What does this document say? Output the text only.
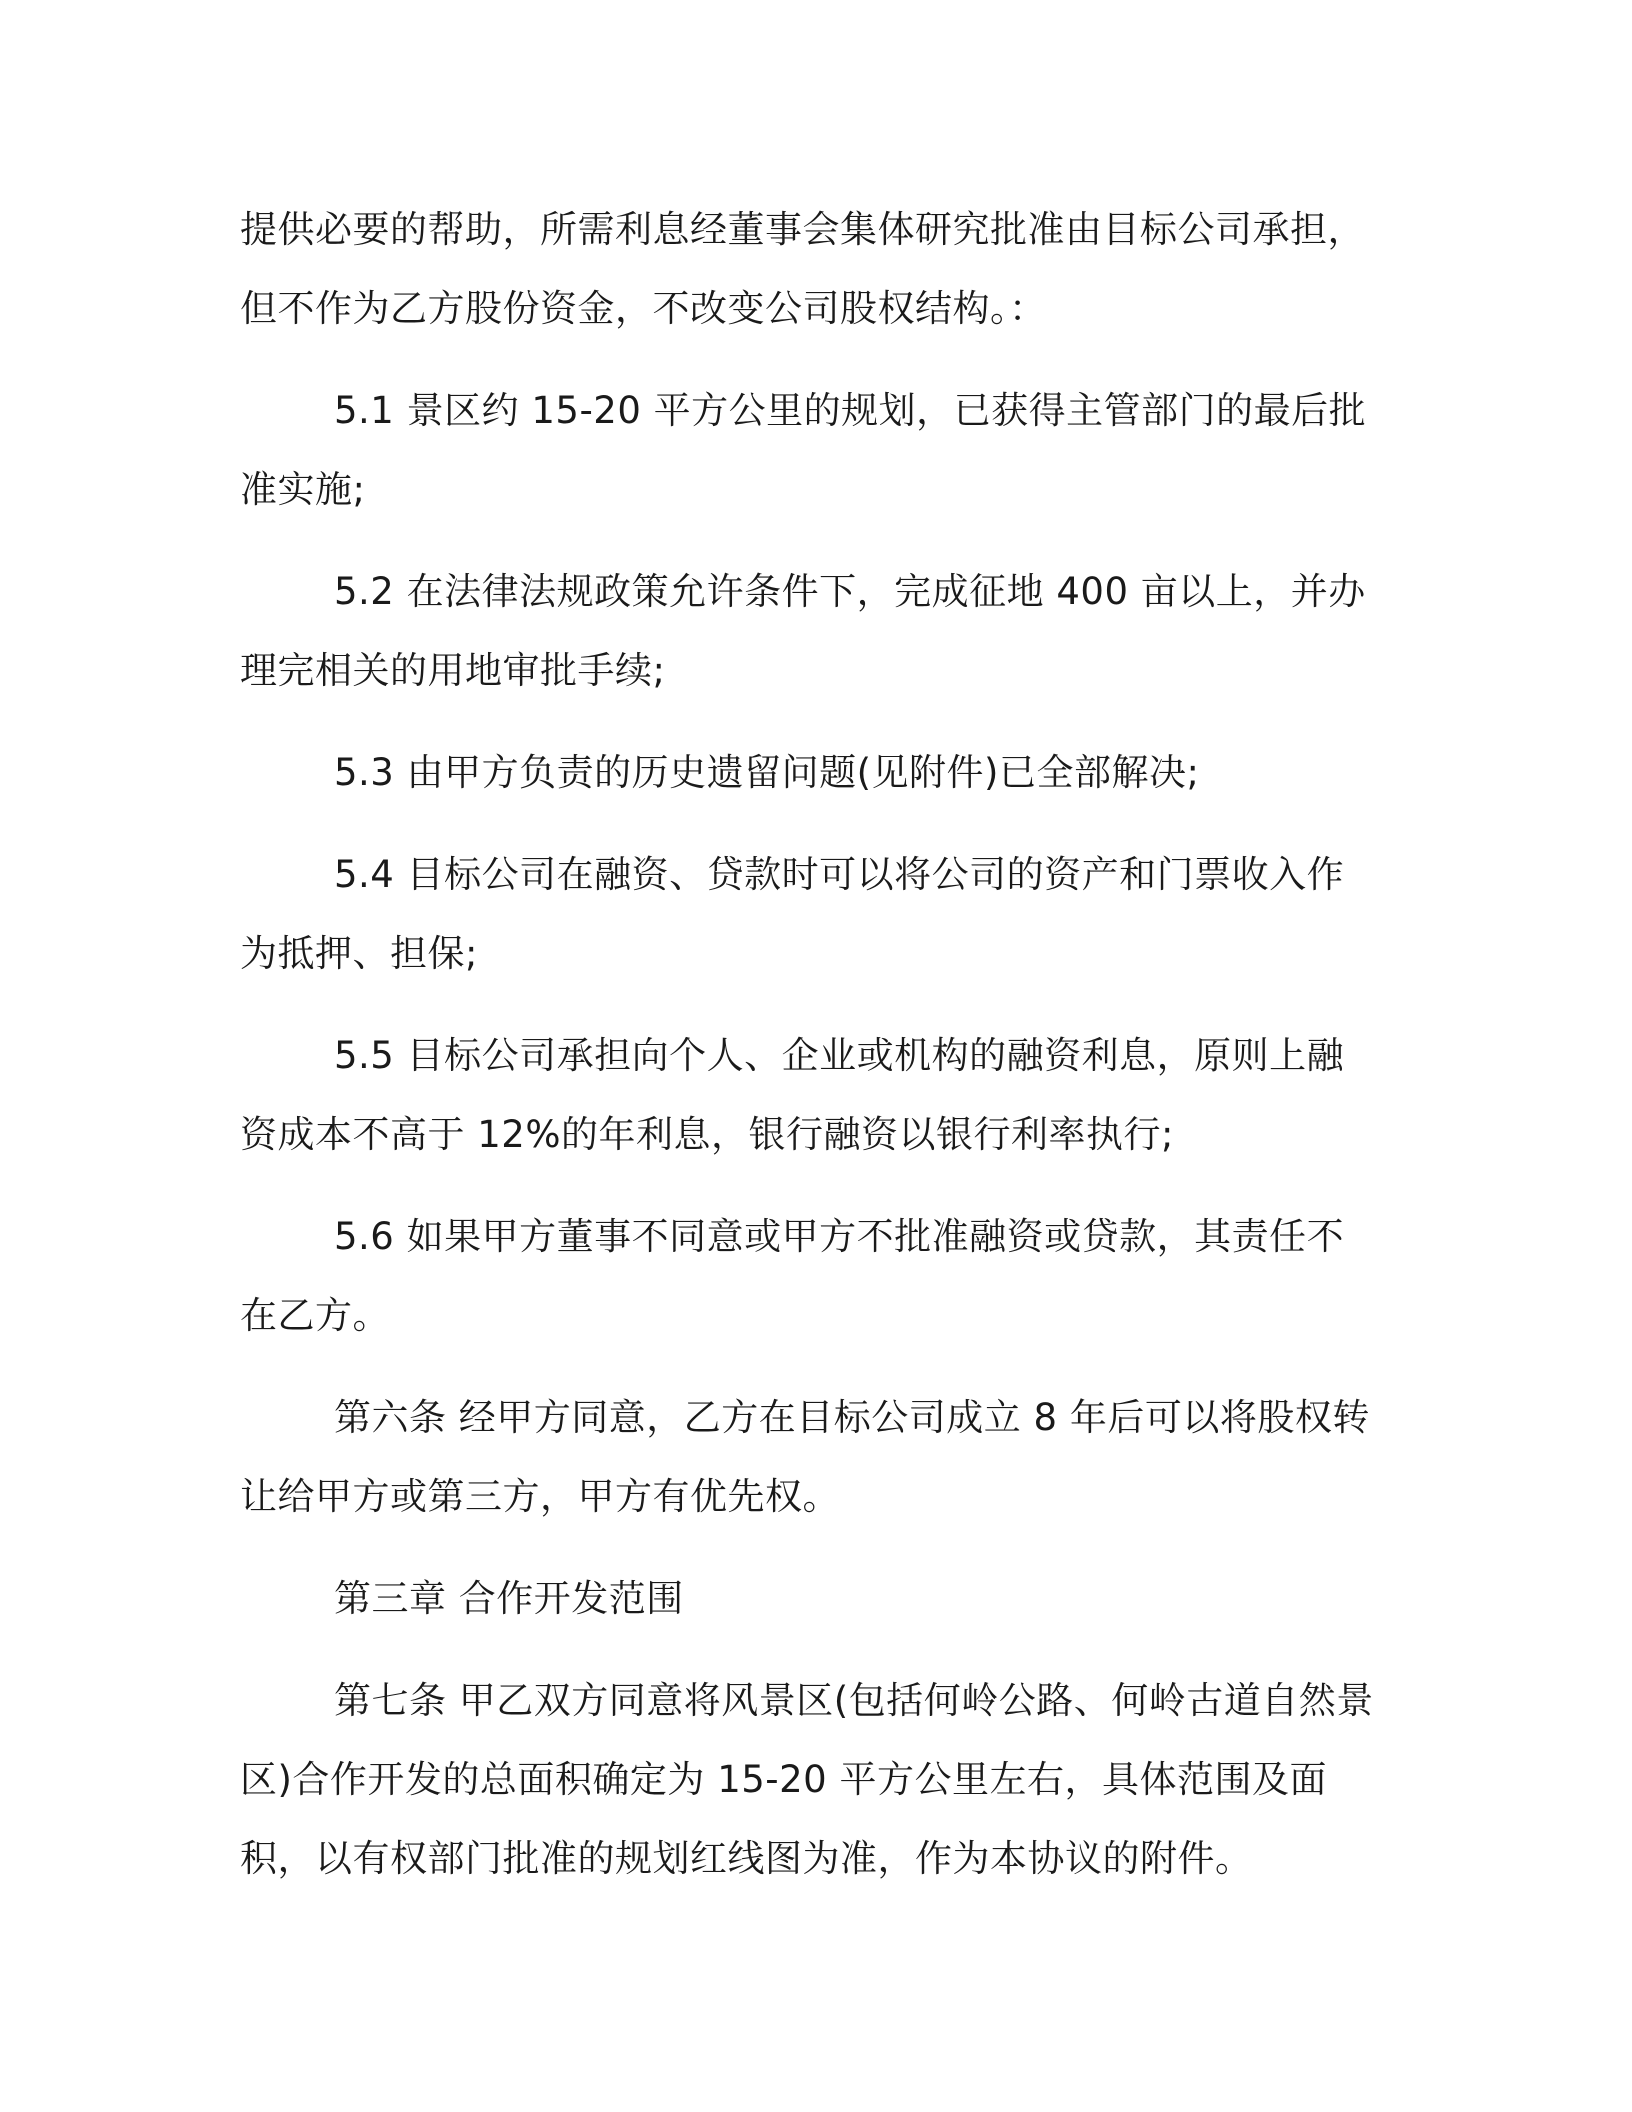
提供必要的帮助，所需利息经董事会集体研究批准由目标公司承担，但不作为乙方股份资金，不改变公司股权结构。：

5.1 景区约 15-20 平方公里的规划，已获得主管部门的最后批准实施;

5.2 在法律法规政策允许条件下，完成征地 400 亩以上，并办理完相关的用地审批手续;

5.3 由甲方负责的历史遗留问题(见附件)已全部解决;

5.4 目标公司在融资、贷款时可以将公司的资产和门票收入作为抵押、担保;

5.5 目标公司承担向个人、企业或机构的融资利息，原则上融资成本不高于 12%的年利息，银行融资以银行利率执行;

5.6 如果甲方董事不同意或甲方不批准融资或贷款，其责任不在乙方。

第六条 经甲方同意，乙方在目标公司成立 8 年后可以将股权转让给甲方或第三方，甲方有优先权。

第三章 合作开发范围

第七条 甲乙双方同意将风景区(包括何岭公路、何岭古道自然景区)合作开发的总面积确定为 15-20 平方公里左右，具体范围及面积，以有权部门批准的规划红线图为准，作为本协议的附件。
